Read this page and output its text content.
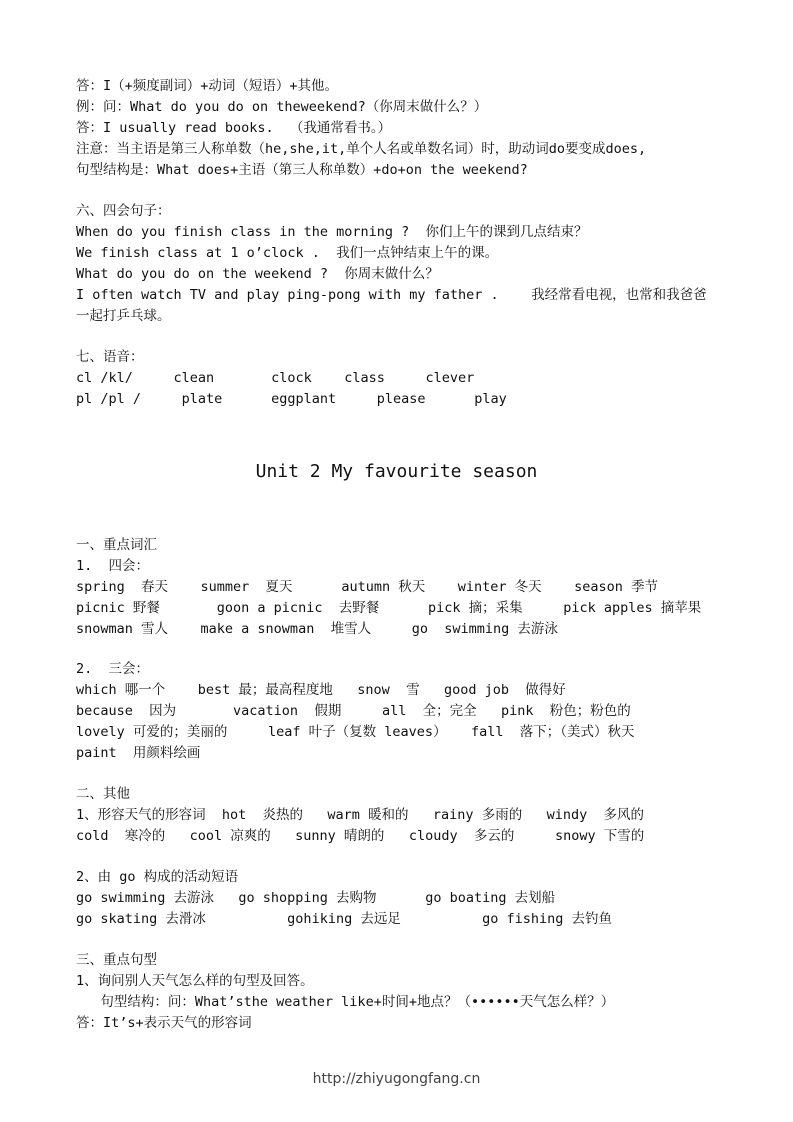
答：I（+频度副词）+动词（短语）+其他。
例：问：What do you do on theweekend?（你周末做什么？）
答：I usually read books.  （我通常看书。）
注意：当主语是第三人称单数（he,she,it,单个人名或单数名词）时，助动词do要变成does,
句型结构是：What does+主语（第三人称单数）+do+on the weekend?
六、四会句子：
When do you finish class in the morning ?  你们上午的课到几点结束？
We finish class at 1 o’clock .  我们一点钟结束上午的课。
What do you do on the weekend ?  你周末做什么？
I often watch TV and play ping-pong with my father .    我经常看电视，也常和我爸爸
一起打乒乓球。
七、语音：
cl /kl/     clean       clock    class     clever
pl /pl /     plate      eggplant     please      play
Unit 2 My favourite season
一、重点词汇
1.  四会：
spring  春天    summer  夏天      autumn 秋天    winter 冬天    season 季节
picnic 野餐       goon a picnic  去野餐      pick 摘；采集     pick apples 摘苹果
snowman 雪人    make a snowman  堆雪人     go  swimming 去游泳
2.  三会：
which 哪一个    best 最；最高程度地   snow  雪   good job  做得好
because  因为       vacation  假期     all  全；完全   pink  粉色；粉色的
lovely 可爱的；美丽的     leaf 叶子（复数 leaves）   fall  落下；（美式）秋天
paint  用颜料绘画
二、其他
1、形容天气的形容词  hot  炎热的   warm 暖和的   rainy 多雨的   windy  多风的
cold  寒冷的   cool 凉爽的   sunny 晴朗的   cloudy  多云的     snowy 下雪的
2、由 go 构成的活动短语
go swimming 去游泳   go shopping 去购物      go boating 去划船
go skating 去滑冰          gohiking 去远足          go fishing 去钓鱼
三、重点句型
1、询问别人天气怎么样的句型及回答。
句型结构：问：What’sthe weather like+时间+地点？（••••••天气怎么样？）
答：It’s+表示天气的形容词
http://zhiyugongfang.cn
